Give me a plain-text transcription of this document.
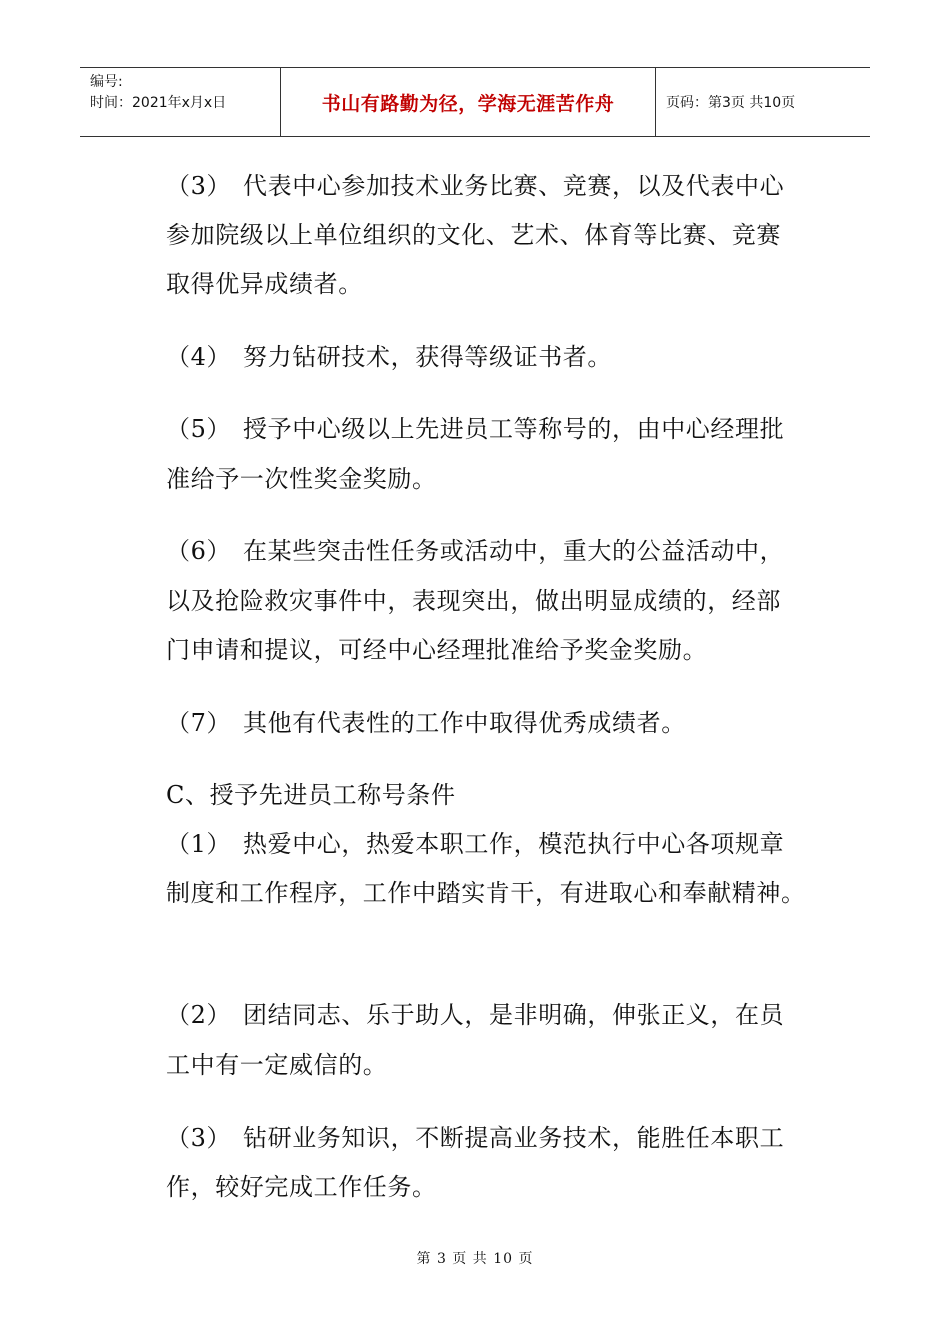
编号:
时间：2021年x月x日	书山有路勤为径，学海无涯苦作舟	页码：第3页 共10页
（3） 代表中心参加技术业务比赛、竞赛，以及代表中心
参加院级以上单位组织的文化、艺术、体育等比赛、竞赛
取得优异成绩者。
（4） 努力钻研技术，获得等级证书者。
（5） 授予中心级以上先进员工等称号的，由中心经理批
准给予一次性奖金奖励。
（6） 在某些突击性任务或活动中，重大的公益活动中，
以及抢险救灾事件中，表现突出，做出明显成绩的，经部
门申请和提议，可经中心经理批准给予奖金奖励。
（7） 其他有代表性的工作中取得优秀成绩者。
C、授予先进员工称号条件
（1） 热爱中心，热爱本职工作，模范执行中心各项规章
制度和工作程序，工作中踏实肯干，有进取心和奉献精神。
（2） 团结同志、乐于助人，是非明确，伸张正义，在员
工中有一定威信的。
（3） 钻研业务知识，不断提高业务技术，能胜任本职工
作，较好完成工作任务。
第 3 页 共 10 页
